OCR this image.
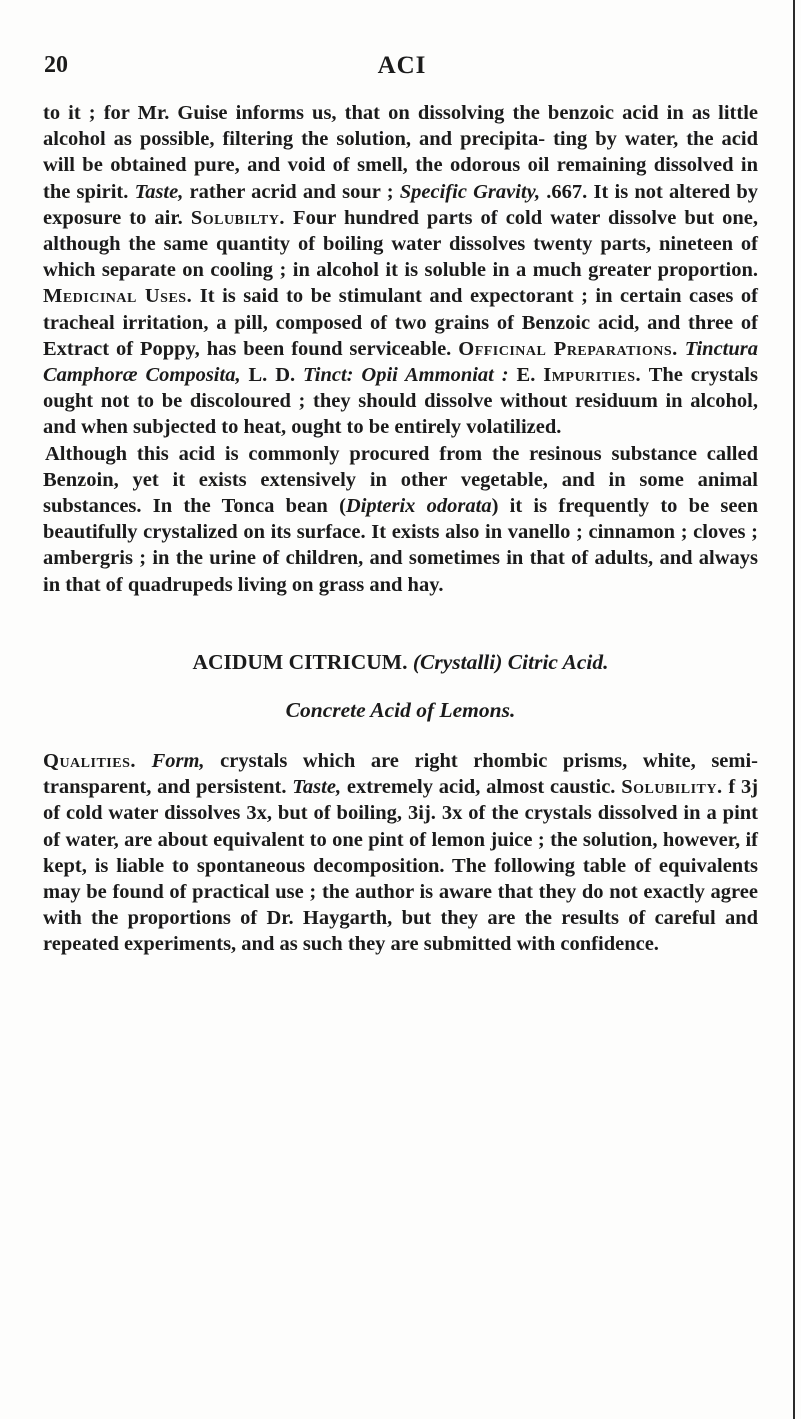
20	ACI

to it ; for Mr. Guise informs us, that on dissolving the benzoic acid in as little alcohol as possible, filtering the solution, and precipita- ting by water, the acid will be obtained pure, and void of smell, the odorous oil remaining dissolved in the spirit. Taste, rather acrid and sour ; Specific Gravity, .667. It is not altered by exposure to air. Solubilty. Four hundred parts of cold water dissolve but one, although the same quantity of boiling water dissolves twenty parts, nineteen of which separate on cooling ; in alcohol it is soluble in a much greater proportion. Medicinal Uses. It is said to be stimulant and expectorant ; in certain cases of tracheal irritation, a pill, composed of two grains of Benzoic acid, and three of Extract of Poppy, has been found serviceable. Officinal Preparations. Tinctura Camphoræ Composita, L. D. Tinct: Opii Ammoniat : E. Impurities. The crystals ought not to be discoloured ; they should dissolve without residuum in alcohol, and when subjected to heat, ought to be entirely volatilized.

Although this acid is commonly procured from the resinous substance called Benzoin, yet it exists extensively in other vegetable, and in some animal substances. In the Tonca bean (Dipterix odorata) it is frequently to be seen beautifully crystalized on its surface. It exists also in vanello ; cinnamon ; cloves ; ambergris ; in the urine of children, and sometimes in that of adults, and always in that of quadrupeds living on grass and hay.

ACIDUM CITRICUM. (Crystalli) Citric Acid.
Concrete Acid of Lemons.

Qualities. Form, crystals which are right rhombic prisms, white, semi-transparent, and persistent. Taste, extremely acid, almost caustic. Solubility. f 3j of cold water dissolves 3x, but of boiling, 3ij. 3x of the crystals dissolved in a pint of water, are about equivalent to one pint of lemon juice ; the solution, however, if kept, is liable to spontaneous decomposition. The following table of equivalents may be found of practical use ; the author is aware that they do not exactly agree with the proportions of Dr. Haygarth, but they are the results of careful and repeated experiments, and as such they are submitted with confidence.
